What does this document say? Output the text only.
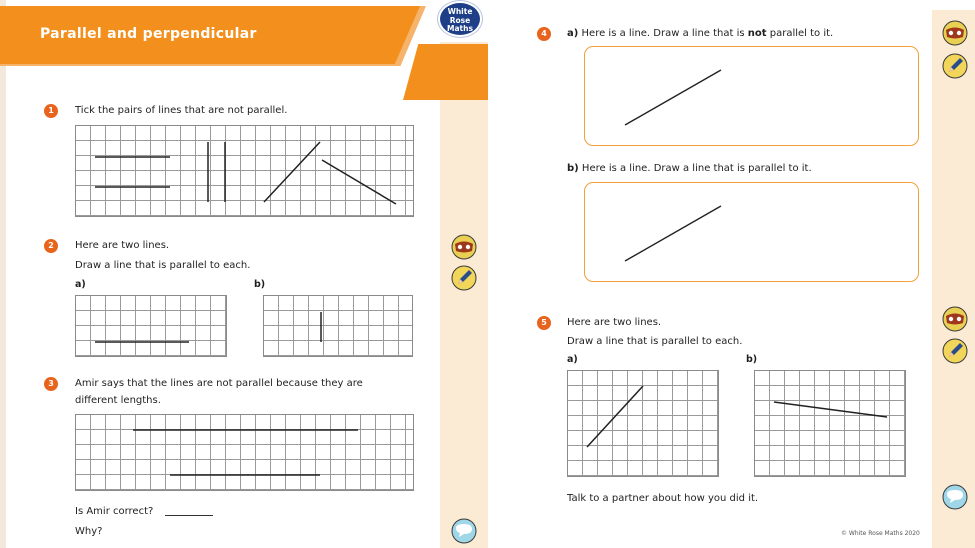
Parallel and perpendicular
White
Rose
Maths
1	Tick the pairs of lines that are not parallel.
2	Here are two lines.
Draw a line that is parallel to each.
a)	b)
3	Amir says that the lines are not parallel because they are
different lengths.
Is Amir correct?
Why?
4	a) Here is a line. Draw a line that is not parallel to it.
b) Here is a line. Draw a line that is parallel to it.
5	Here are two lines.
Draw a line that is parallel to each.
a)	b)
Talk to a partner about how you did it.
© White Rose Maths 2020
